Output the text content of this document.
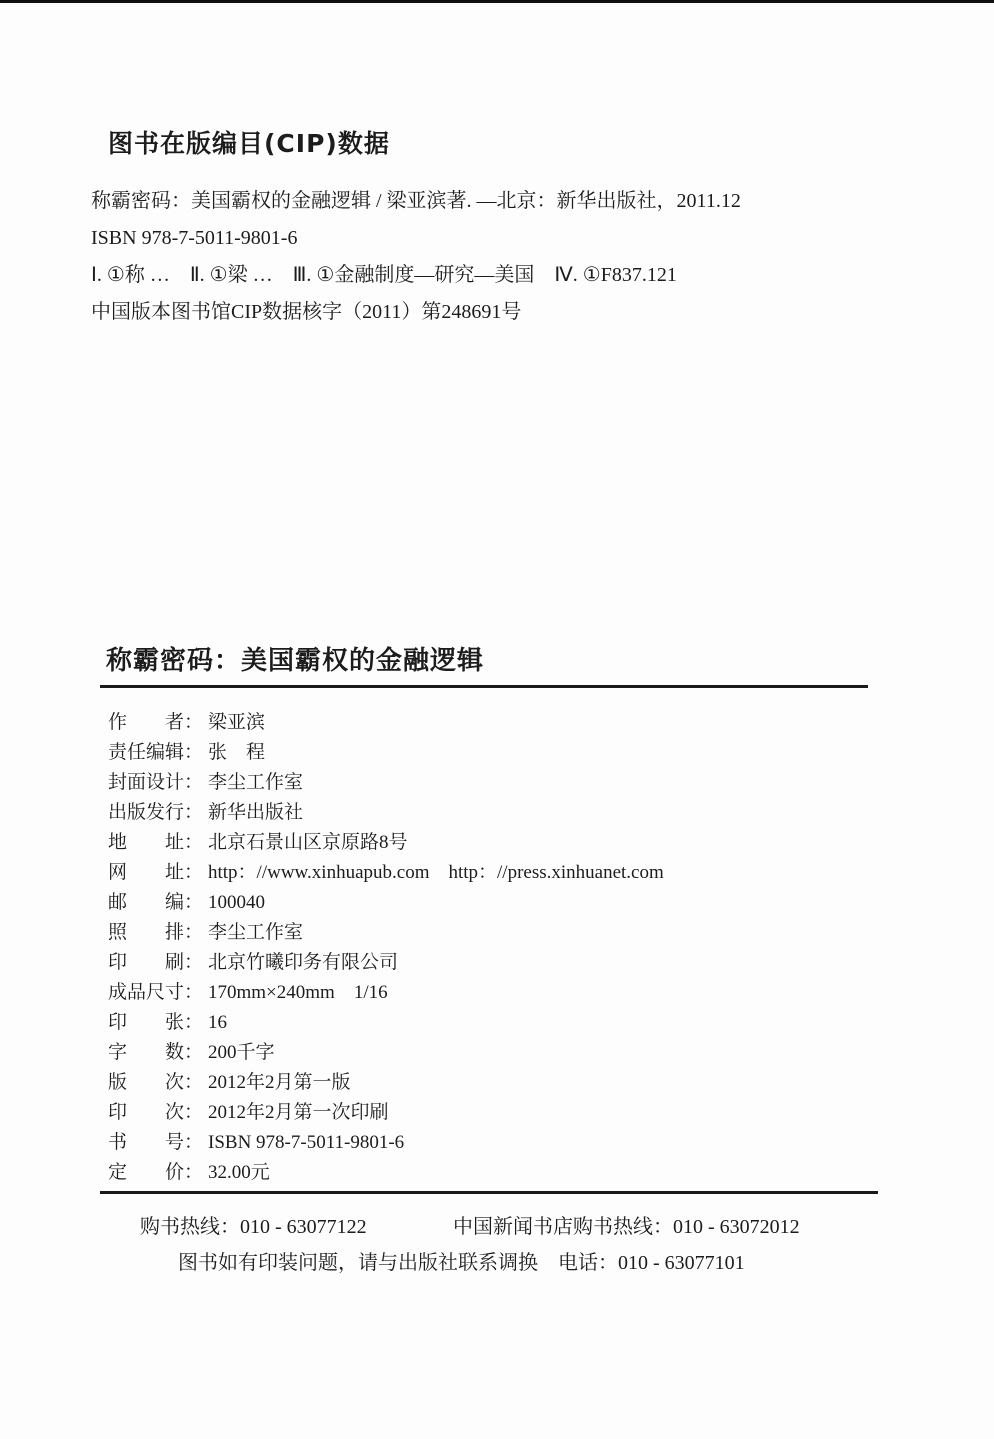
图书在版编目(CIP)数据
称霸密码：美国霸权的金融逻辑 / 梁亚滨著. —北京：新华出版社，2011.12
ISBN 978-7-5011-9801-6
Ⅰ. ①称 …　Ⅱ. ①梁 …　Ⅲ. ①金融制度—研究—美国　Ⅳ. ①F837.121
中国版本图书馆CIP数据核字（2011）第248691号
称霸密码：美国霸权的金融逻辑
作　　者： 梁亚滨
责任编辑： 张　程
封面设计： 李尘工作室
出版发行： 新华出版社
地　　址： 北京石景山区京原路8号
网　　址： http：//www.xinhuapub.com　http：//press.xinhuanet.com
邮　　编： 100040
照　　排： 李尘工作室
印　　刷： 北京竹曦印务有限公司
成品尺寸： 170mm×240mm　1/16
印　　张： 16
字　　数： 200千字
版　　次： 2012年2月第一版
印　　次： 2012年2月第一次印刷
书　　号： ISBN 978-7-5011-9801-6
定　　价： 32.00元
购书热线：010 - 63077122	中国新闻书店购书热线：010 - 63072012
图书如有印装问题，请与出版社联系调换　电话：010 - 63077101
